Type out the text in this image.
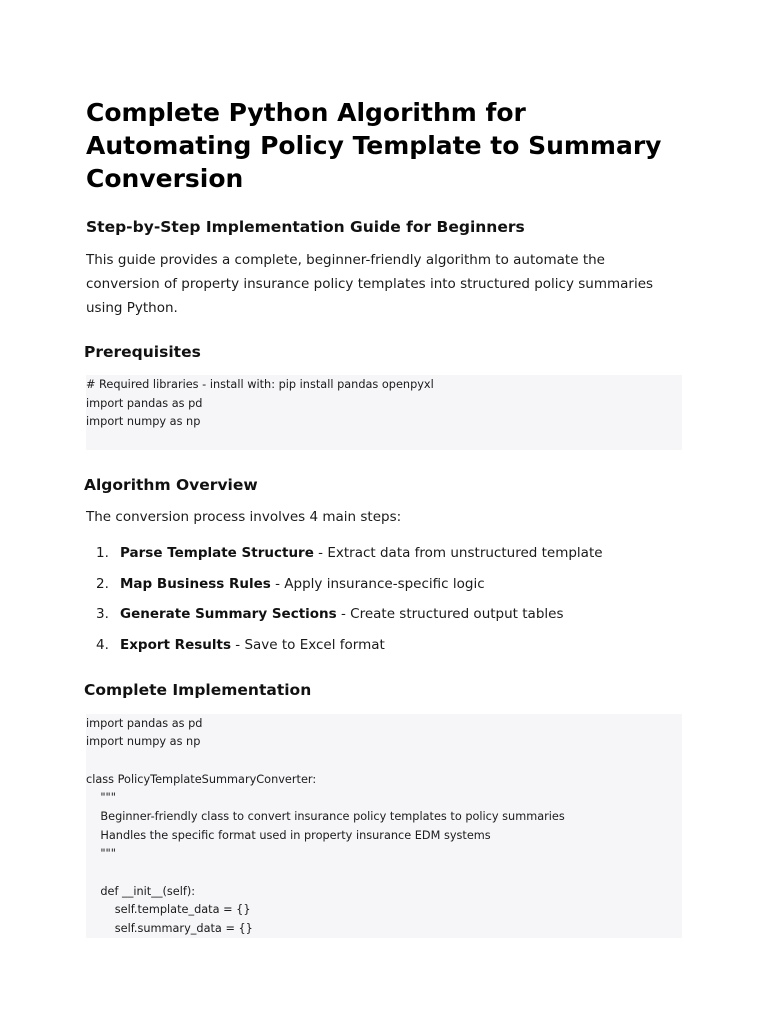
Complete Python Algorithm for Automating Policy Template to Summary Conversion
Step-by-Step Implementation Guide for Beginners

This guide provides a complete, beginner-friendly algorithm to automate the conversion of property insurance policy templates into structured policy summaries using Python.

Prerequisites
# Required libraries - install with: pip install pandas openpyxl
import pandas as pd
import numpy as np
Algorithm Overview

The conversion process involves 4 main steps:

1. Parse Template Structure - Extract data from unstructured template
2. Map Business Rules - Apply insurance-specific logic
3. Generate Summary Sections - Create structured output tables
4. Export Results - Save to Excel format
Complete Implementation
import pandas as pd
import numpy as np
class PolicyTemplateSummaryConverter:
"""
Beginner-friendly class to convert insurance policy templates to policy summaries
Handles the specific format used in property insurance EDM systems
"""
def __init__(self):
self.template_data = {}
self.summary_data = {}
